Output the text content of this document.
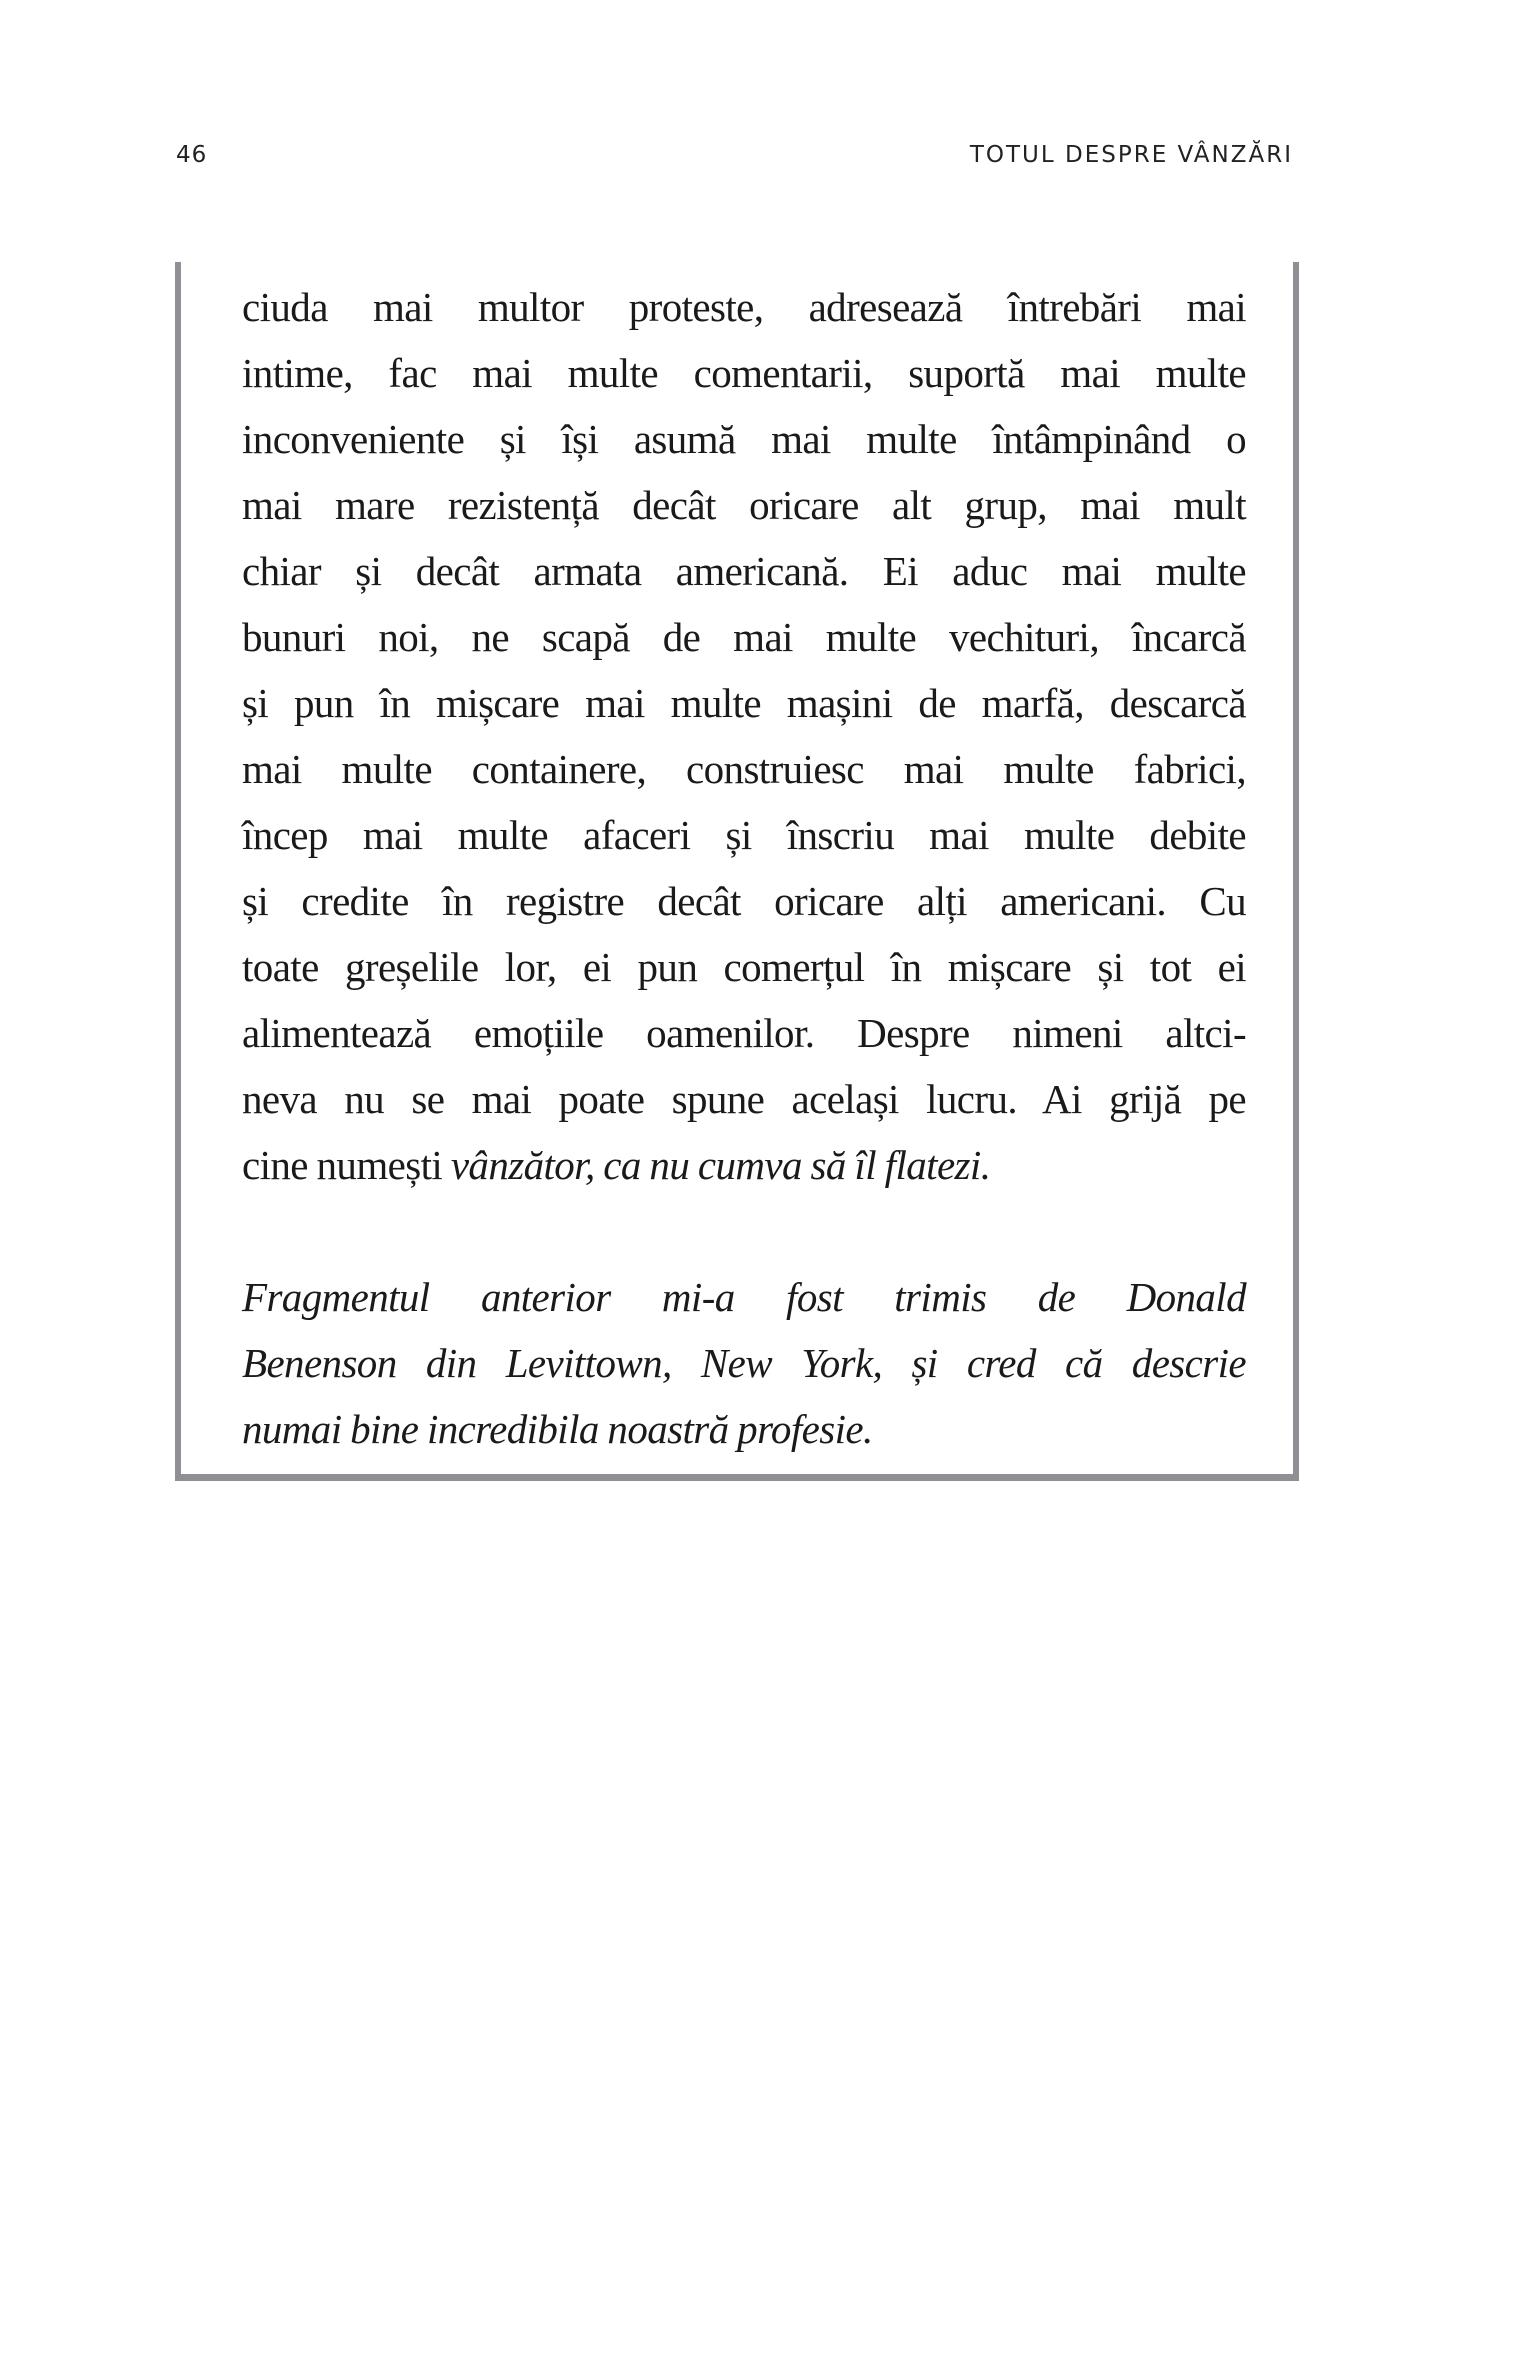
46	TOTUL DESPRE VÂNZĂRI
ciuda mai multor proteste, adresează întrebări mai
intime, fac mai multe comentarii, suportă mai multe
inconveniente și își asumă mai multe întâmpinând o
mai mare rezistență decât oricare alt grup, mai mult
chiar și decât armata americană. Ei aduc mai multe
bunuri noi, ne scapă de mai multe vechituri, încarcă
și pun în mișcare mai multe mașini de marfă, descarcă
mai multe containere, construiesc mai multe fabrici,
încep mai multe afaceri și înscriu mai multe debite
și credite în registre decât oricare alți americani. Cu
toate greșelile lor, ei pun comerțul în mișcare și tot ei
alimentează emoțiile oamenilor. Despre nimeni altci-
neva nu se mai poate spune același lucru. Ai grijă pe
cine numești vânzător, ca nu cumva să îl flatezi.
Fragmentul anterior mi-a fost trimis de Donald
Benenson din Levittown, New York, și cred că descrie
numai bine incredibila noastră profesie.
